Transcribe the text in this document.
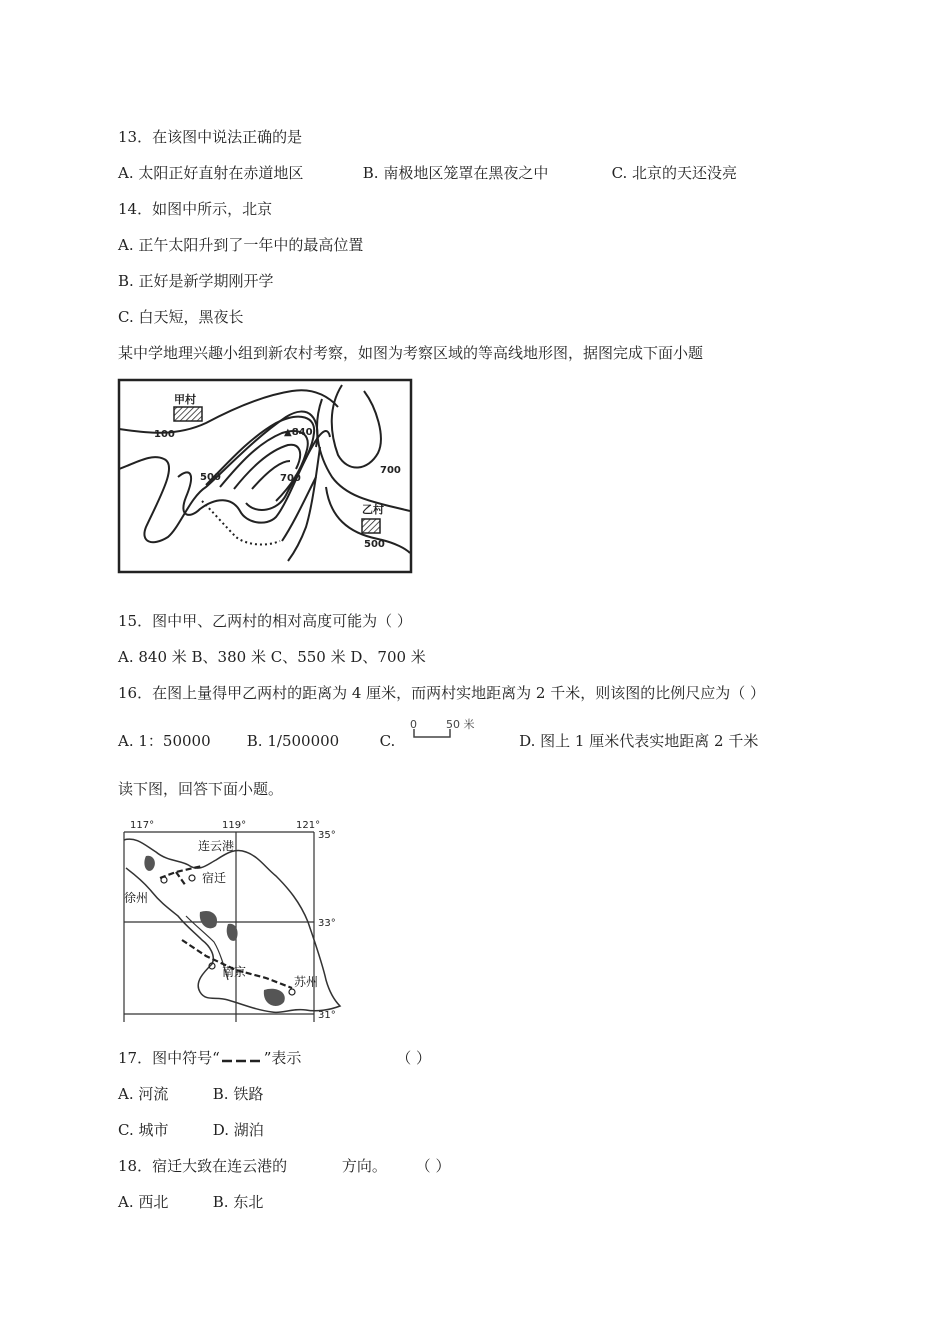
13．在该图中说法正确的是
A. 太阳正好直射在赤道地区	B. 南极地区笼罩在黑夜之中	C. 北京的天还没亮
14．如图中所示，北京
A. 正午太阳升到了一年中的最高位置
B. 正好是新学期刚开学
C. 白天短，黑夜长
某中学地理兴趣小组到新农村考察，如图为考察区域的等高线地形图，据图完成下面小题
甲村
乙村
▲840
100
500	700
700
500
15．图中甲、乙两村的相对高度可能为（ ）
A. 840 米 B、380 米 C、550 米 D、700 米
16．在图上量得甲乙两村的距离为 4 厘米，而两村实地距离为 2 千米，则该图的比例尺应为（ ）
A. 1：50000 B. 1/500000	C.
0	50 米
D. 图上 1 厘米代表实地距离 2 千米
读下图，回答下面小题。
117°	119°	121°
35°
33°
31°
连云港
宿迁
徐州
南京
苏州
17．图中符号“	”表示	（ ）
A. 河流	B. 铁路
C. 城市	D. 湖泊
18．宿迁大致在连云港的	方向。 （ ）
A. 西北	B. 东北
